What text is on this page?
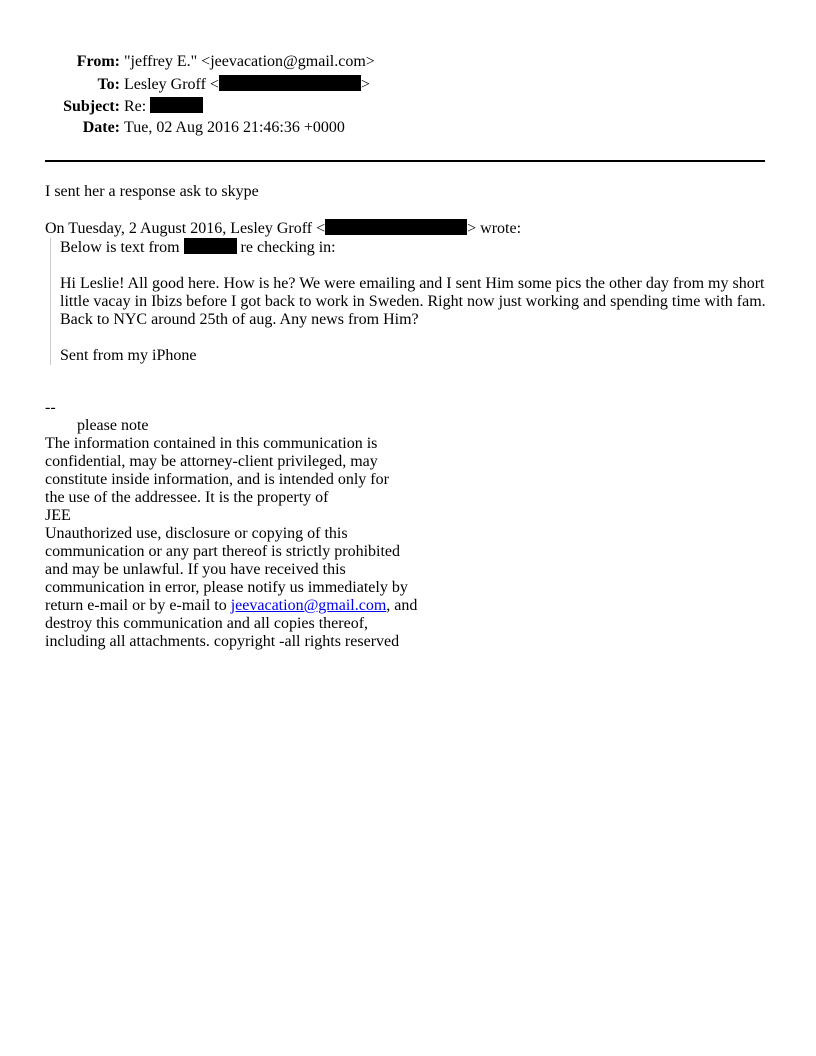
From: "jeffrey E." <jeevacation@gmail.com>
To: Lesley Groff <	>
Subject: Re:
Date: Tue, 02 Aug 2016 21:46:36 +0000
I sent her a response ask to skype
On Tuesday, 2 August 2016, Lesley Groff <	> wrote:

Below is text from	re checking in:

Hi Leslie! All good here. How is he? We were emailing and I sent Him some pics the other day from my short little vacay in Ibizs before I got back to work in Sweden. Right now just working and spending time with fam. Back to NYC around 25th of aug. Any news from Him?

Sent from my iPhone

--
please note
The information contained in this communication is
confidential, may be attorney-client privileged, may
constitute inside information, and is intended only for
the use of the addressee. It is the property of
JEE
Unauthorized use, disclosure or copying of this
communication or any part thereof is strictly prohibited
and may be unlawful. If you have received this
communication in error, please notify us immediately by
return e-mail or by e-mail to jeevacation@gmail.com, and
destroy this communication and all copies thereof,
including all attachments. copyright -all rights reserved
